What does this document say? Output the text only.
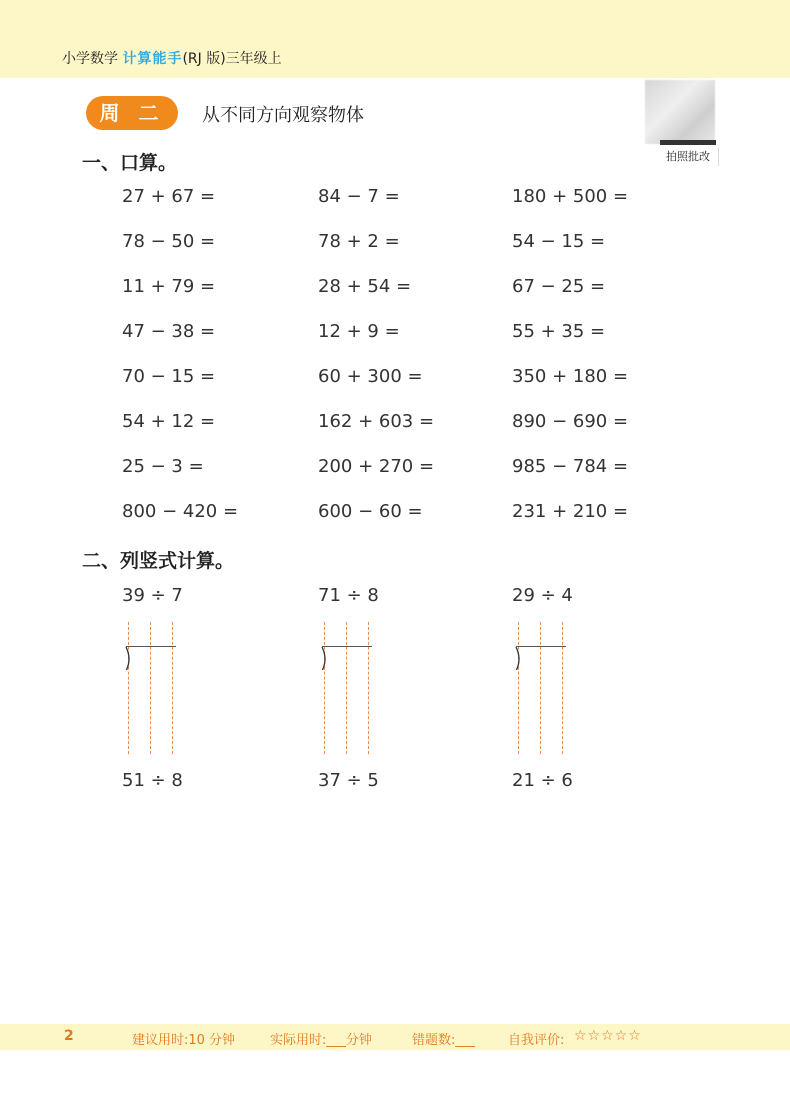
小学数学 计算能手(RJ 版)三年级上
周 二	从不同方向观察物体
拍照批改
一、口算。
27 + 67 =	84 − 7 =	180 + 500 =
78 − 50 =	78 + 2 =	54 − 15 =
11 + 79 =	28 + 54 =	67 − 25 =
47 − 38 =	12 + 9 =	55 + 35 =
70 − 15 =	60 + 300 =	350 + 180 =
54 + 12 =	162 + 603 =	890 − 690 =
25 − 3 =	200 + 270 =	985 − 784 =
800 − 420 =	600 − 60 =	231 + 210 =
二、列竖式计算。
39 ÷ 7	71 ÷ 8	29 ÷ 4
51 ÷ 8	37 ÷ 5	21 ÷ 6
2	建议用时:10 分钟	实际用时:___分钟	错题数:___	自我评价: ☆☆☆☆☆
